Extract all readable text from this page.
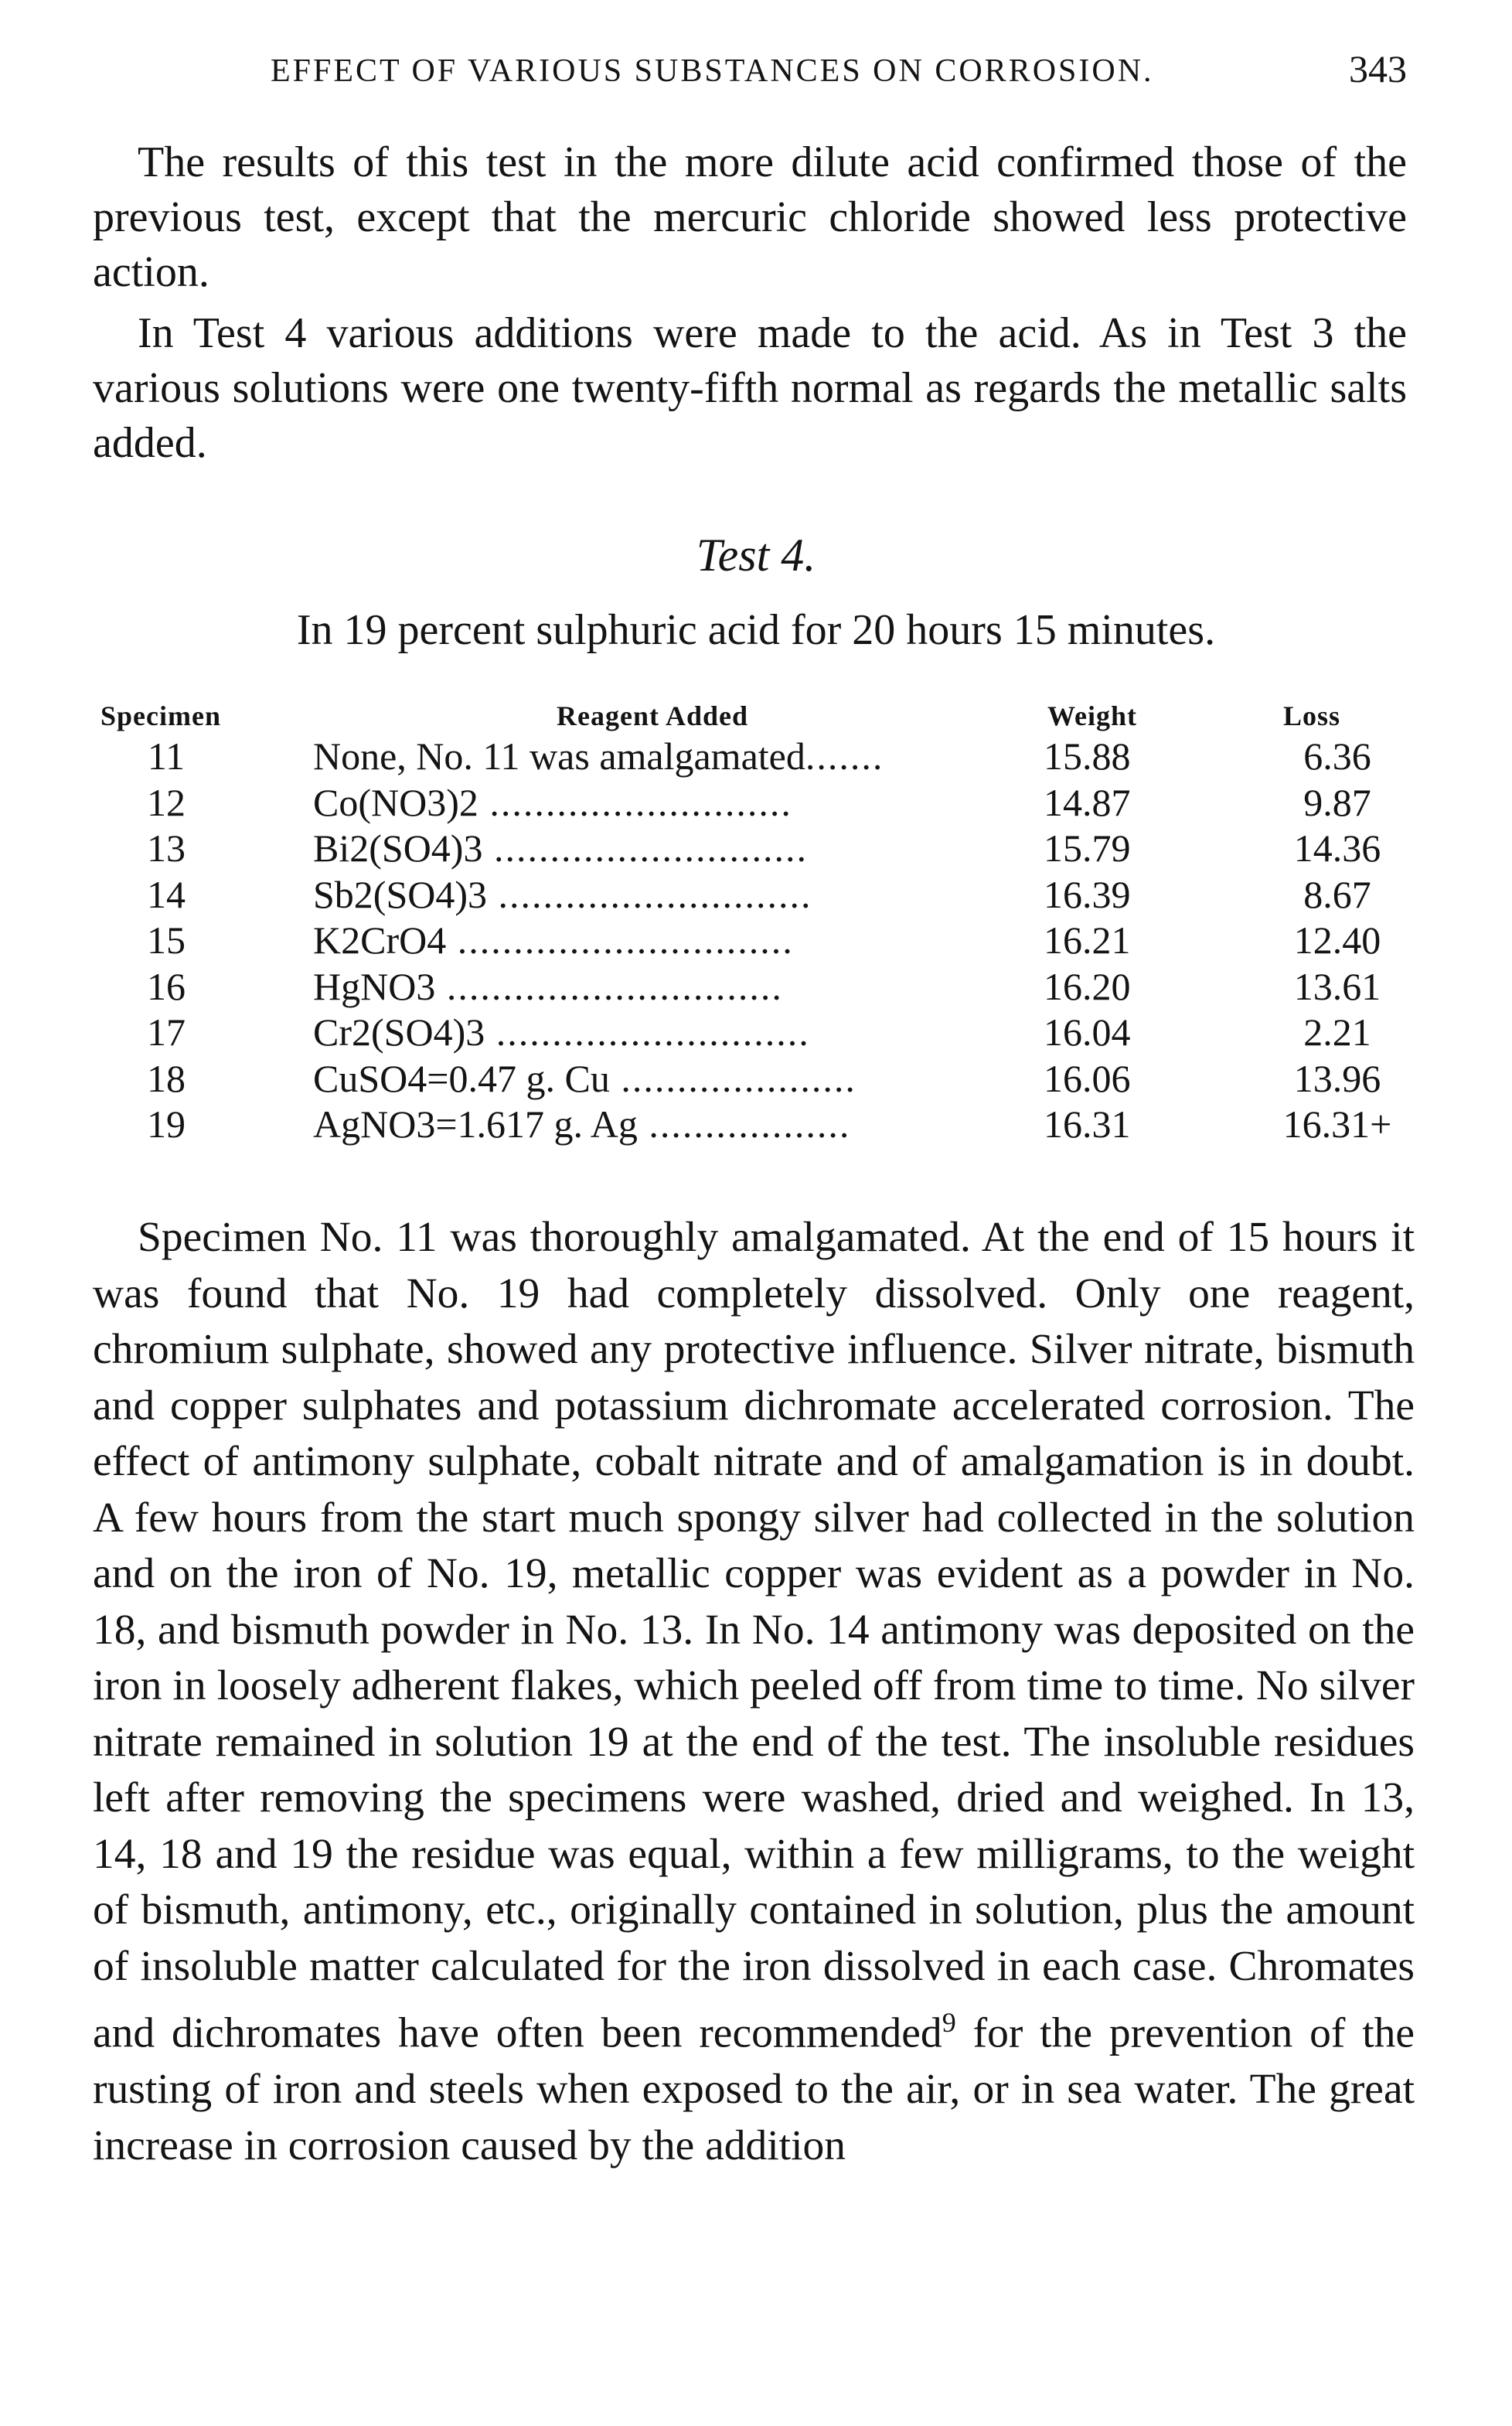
EFFECT OF VARIOUS SUBSTANCES ON CORROSION.	343

The results of this test in the more dilute acid confirmed those of the previous test, except that the mercuric chloride showed less protective action.

In Test 4 various additions were made to the acid. As in Test 3 the various solutions were one twenty-fifth normal as regards the metallic salts added.

Test 4.
In 19 percent sulphuric acid for 20 hours 15 minutes.
Specimen	Reagent Added	Weight	Loss
11	None, No. 11 was amalgamated.......	15.88	6.36
12	Co(NO3)2 ...........................	14.87	9.87
13	Bi2(SO4)3 ............................	15.79	14.36
14	Sb2(SO4)3 ............................	16.39	8.67
15	K2CrO4 ..............................	16.21	12.40
16	HgNO3 ..............................	16.20	13.61
17	Cr2(SO4)3 ............................	16.04	2.21
18	CuSO4=0.47 g. Cu .....................	16.06	13.96
19	AgNO3=1.617 g. Ag ..................	16.31	16.31+

Specimen No. 11 was thoroughly amalgamated. At the end of 15 hours it was found that No. 19 had completely dissolved. Only one reagent, chromium sulphate, showed any protective influence. Silver nitrate, bismuth and copper sulphates and potassium dichromate accelerated corrosion. The effect of antimony sulphate, cobalt nitrate and of amalgamation is in doubt. A few hours from the start much spongy silver had collected in the solution and on the iron of No. 19, metallic copper was evident as a powder in No. 18, and bismuth powder in No. 13. In No. 14 antimony was deposited on the iron in loosely adherent flakes, which peeled off from time to time. No silver nitrate remained in solution 19 at the end of the test. The insoluble residues left after removing the specimens were washed, dried and weighed. In 13, 14, 18 and 19 the residue was equal, within a few milligrams, to the weight of bismuth, antimony, etc., originally contained in solution, plus the amount of insoluble matter calculated for the iron dissolved in each case. Chromates and dichromates have often been recommended$^9$ for the prevention of the rusting of iron and steels when exposed to the air, or in sea water. The great increase in corrosion caused by the addition
